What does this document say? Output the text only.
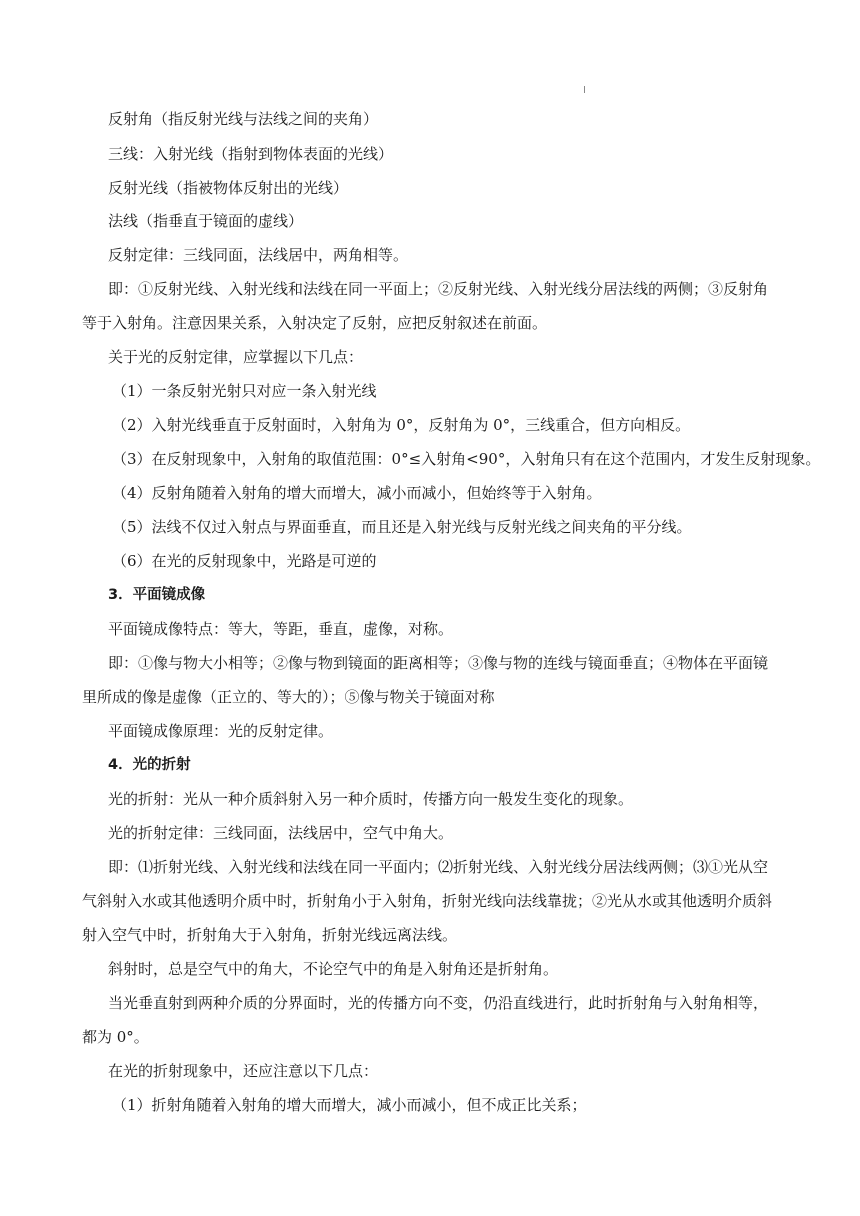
反射角（指反射光线与法线之间的夹角）
三线：入射光线（指射到物体表面的光线）
反射光线（指被物体反射出的光线）
法线（指垂直于镜面的虚线）
反射定律：三线同面，法线居中，两角相等。
即：①反射光线、入射光线和法线在同一平面上；②反射光线、入射光线分居法线的两侧；③反射角
等于入射角。注意因果关系，入射决定了反射，应把反射叙述在前面。
关于光的反射定律，应掌握以下几点：
（1）一条反射光射只对应一条入射光线
（2）入射光线垂直于反射面时，入射角为 0°，反射角为 0°，三线重合，但方向相反。
（3）在反射现象中，入射角的取值范围：0°≤入射角<90°，入射角只有在这个范围内，才发生反射现象。
（4）反射角随着入射角的增大而增大，减小而减小，但始终等于入射角。
（5）法线不仅过入射点与界面垂直，而且还是入射光线与反射光线之间夹角的平分线。
（6）在光的反射现象中，光路是可逆的
3．平面镜成像
平面镜成像特点：等大，等距，垂直，虚像，对称。
即：①像与物大小相等；②像与物到镜面的距离相等；③像与物的连线与镜面垂直；④物体在平面镜
里所成的像是虚像（正立的、等大的）；⑤像与物关于镜面对称
平面镜成像原理：光的反射定律。
4．光的折射
光的折射：光从一种介质斜射入另一种介质时，传播方向一般发生变化的现象。
光的折射定律：三线同面，法线居中，空气中角大。
即：⑴折射光线、入射光线和法线在同一平面内；⑵折射光线、入射光线分居法线两侧；⑶①光从空
气斜射入水或其他透明介质中时，折射角小于入射角，折射光线向法线靠拢；②光从水或其他透明介质斜
射入空气中时，折射角大于入射角，折射光线远离法线。
斜射时，总是空气中的角大，不论空气中的角是入射角还是折射角。
当光垂直射到两种介质的分界面时，光的传播方向不变，仍沿直线进行，此时折射角与入射角相等，
都为 0°。
在光的折射现象中，还应注意以下几点：
（1）折射角随着入射角的增大而增大，减小而减小，但不成正比关系；
